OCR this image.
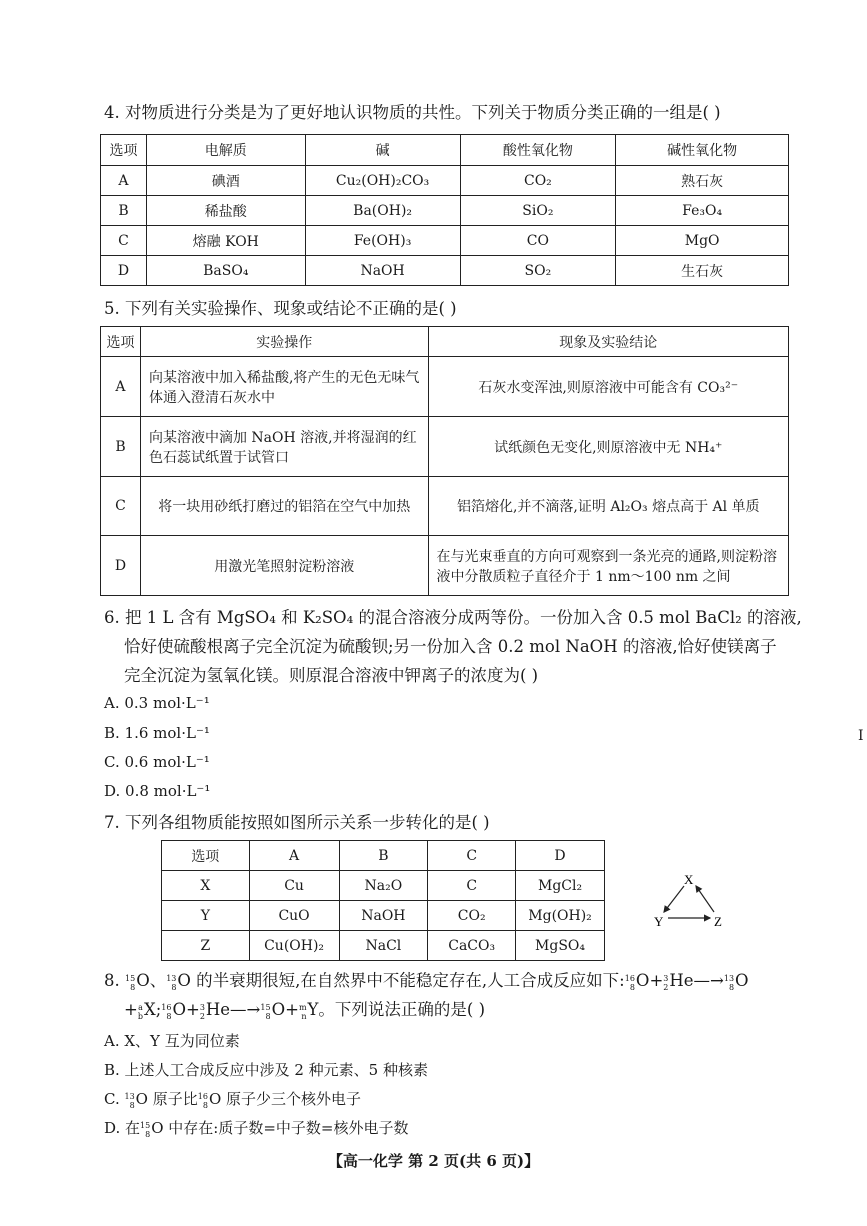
4. 对物质进行分类是为了更好地认识物质的共性。下列关于物质分类正确的一组是( )
选项	电解质	碱	酸性氧化物	碱性氧化物
A	碘酒	Cu₂(OH)₂CO₃	CO₂	熟石灰
B	稀盐酸	Ba(OH)₂	SiO₂	Fe₃O₄
C	熔融 KOH	Fe(OH)₃	CO	MgO
D	BaSO₄	NaOH	SO₂	生石灰
5. 下列有关实验操作、现象或结论不正确的是( )
选项	实验操作	现象及实验结论
A	向某溶液中加入稀盐酸,将产生的无色无味气体通入澄清石灰水中	石灰水变浑浊,则原溶液中可能含有 CO₃²⁻
B	向某溶液中滴加 NaOH 溶液,并将湿润的红色石蕊试纸置于试管口	试纸颜色无变化,则原溶液中无 NH₄⁺
C	将一块用砂纸打磨过的铝箔在空气中加热	铝箔熔化,并不滴落,证明 Al₂O₃ 熔点高于 Al 单质
D	用激光笔照射淀粉溶液	在与光束垂直的方向可观察到一条光亮的通路,则淀粉溶液中分散质粒子直径介于 1 nm～100 nm 之间
6. 把 1 L 含有 MgSO₄ 和 K₂SO₄ 的混合溶液分成两等份。一份加入含 0.5 mol BaCl₂ 的溶液,
恰好使硫酸根离子完全沉淀为硫酸钡;另一份加入含 0.2 mol NaOH 的溶液,恰好使镁离子
完全沉淀为氢氧化镁。则原混合溶液中钾离子的浓度为( )
A. 0.3 mol·L⁻¹
B. 1.6 mol·L⁻¹
C. 0.6 mol·L⁻¹
D. 0.8 mol·L⁻¹
7. 下列各组物质能按照如图所示关系一步转化的是( )
选项	A	B	C	D
X	Cu	Na₂O	C	MgCl₂
Y	CuO	NaOH	CO₂	Mg(OH)₂
Z	Cu(OH)₂	NaCl	CaCO₃	MgSO₄
X
Y	Z
8. 15
8 O、 13
8 O 的半衰期很短,在自然界中不能稳定存在,人工合成反应如下: 16
8 O+ 3
2 He—→ 13
8 O
+ a
b X; 16
8 O+ 3
2 He—→ 15
8 O+ m
n Y。下列说法正确的是( )
A. X、Y 互为同位素
B. 上述人工合成反应中涉及 2 种元素、5 种核素
C. 13
8 O 原子比 16
8 O 原子少三个核外电子
D. 在 15
8 O 中存在:质子数=中子数=核外电子数
【高一化学 第 2 页(共 6 页)】
I
